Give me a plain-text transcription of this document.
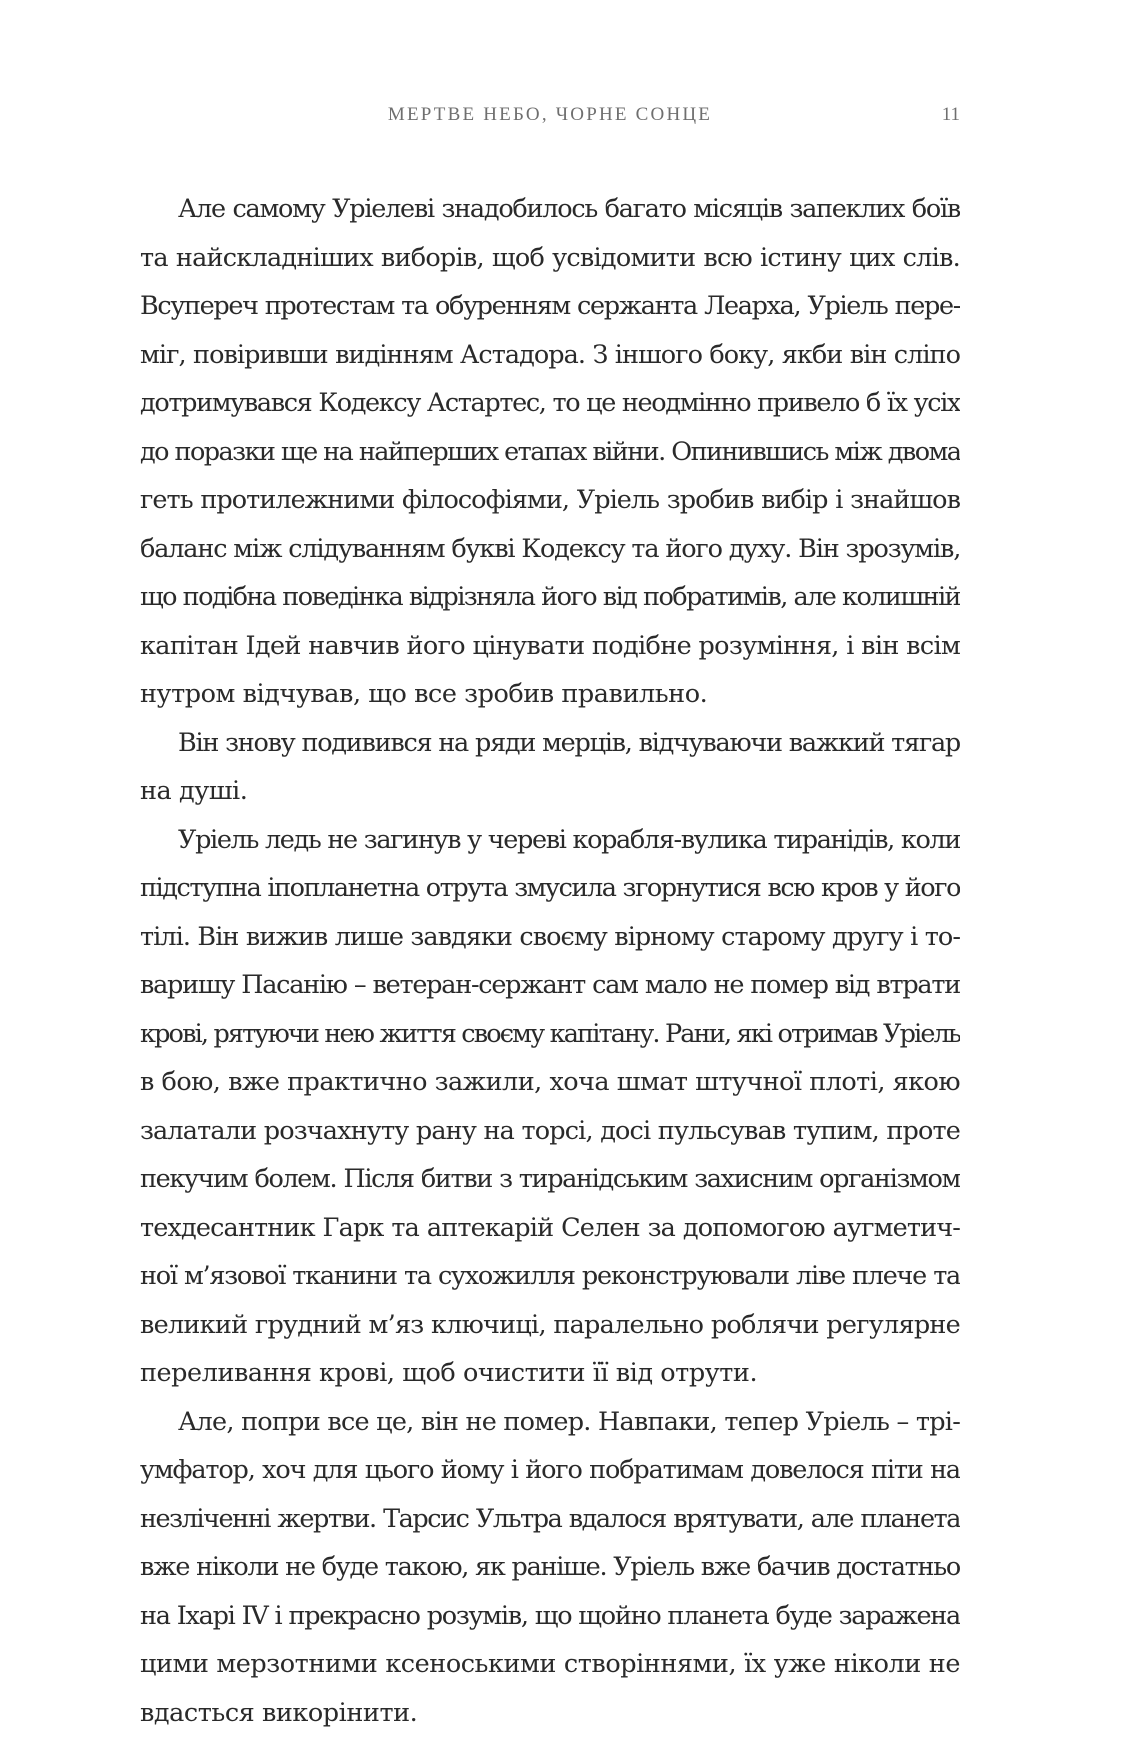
МЕРТВЕ НЕБО, ЧОРНЕ СОНЦЕ	11
Але самому Уріелеві знадобилось багато місяців запеклих боїв
та найскладніших виборів, щоб усвідомити всю істину цих слів.
Всупереч протестам та обуренням сержанта Леарха, Уріель пере-
міг, повіривши видінням Астадора. З іншого боку, якби він сліпо
дотримувався Кодексу Астартес, то це неодмінно привело б їх усіх
до поразки ще на найперших етапах війни. Опинившись між двома
геть протилежними філософіями, Уріель зробив вибір і знайшов
баланс між слідуванням букві Кодексу та його духу. Він зрозумів,
що подібна поведінка відрізняла його від побратимів, але колишній
капітан Ідей навчив його цінувати подібне розуміння, і він всім
нутром відчував, що все зробив правильно.
Він знову подивився на ряди мерців, відчуваючи важкий тягар
на душі.
Уріель ледь не загинув у череві корабля-вулика тиранідів, коли
підступна іпопланетна отрута змусила згорнутися всю кров у його
тілі. Він вижив лише завдяки своєму вірному старому другу і то-
варишу Пасанію – ветеран-сержант сам мало не помер від втрати
крові, рятуючи нею життя своєму капітану. Рани, які отримав Уріель
в бою, вже практично зажили, хоча шмат штучної плоті, якою
залатали розчахнуту рану на торсі, досі пульсував тупим, проте
пекучим болем. Після битви з тиранідським захисним організмом
техдесантник Гарк та аптекарій Селен за допомогою аугметич-
ної м’язової тканини та сухожилля реконструювали ліве плече та
великий грудний м’яз ключиці, паралельно роблячи регулярне
переливання крові, щоб очистити її від отрути.
Але, попри все це, він не помер. Навпаки, тепер Уріель – трі-
умфатор, хоч для цього йому і його побратимам довелося піти на
незліченні жертви. Тарсис Ультра вдалося врятувати, але планета
вже ніколи не буде такою, як раніше. Уріель вже бачив достатньо
на Іхарі IV і прекрасно розумів, що щойно планета буде заражена
цими мерзотними ксеноськими створіннями, їх уже ніколи не
вдасться викорінити.
